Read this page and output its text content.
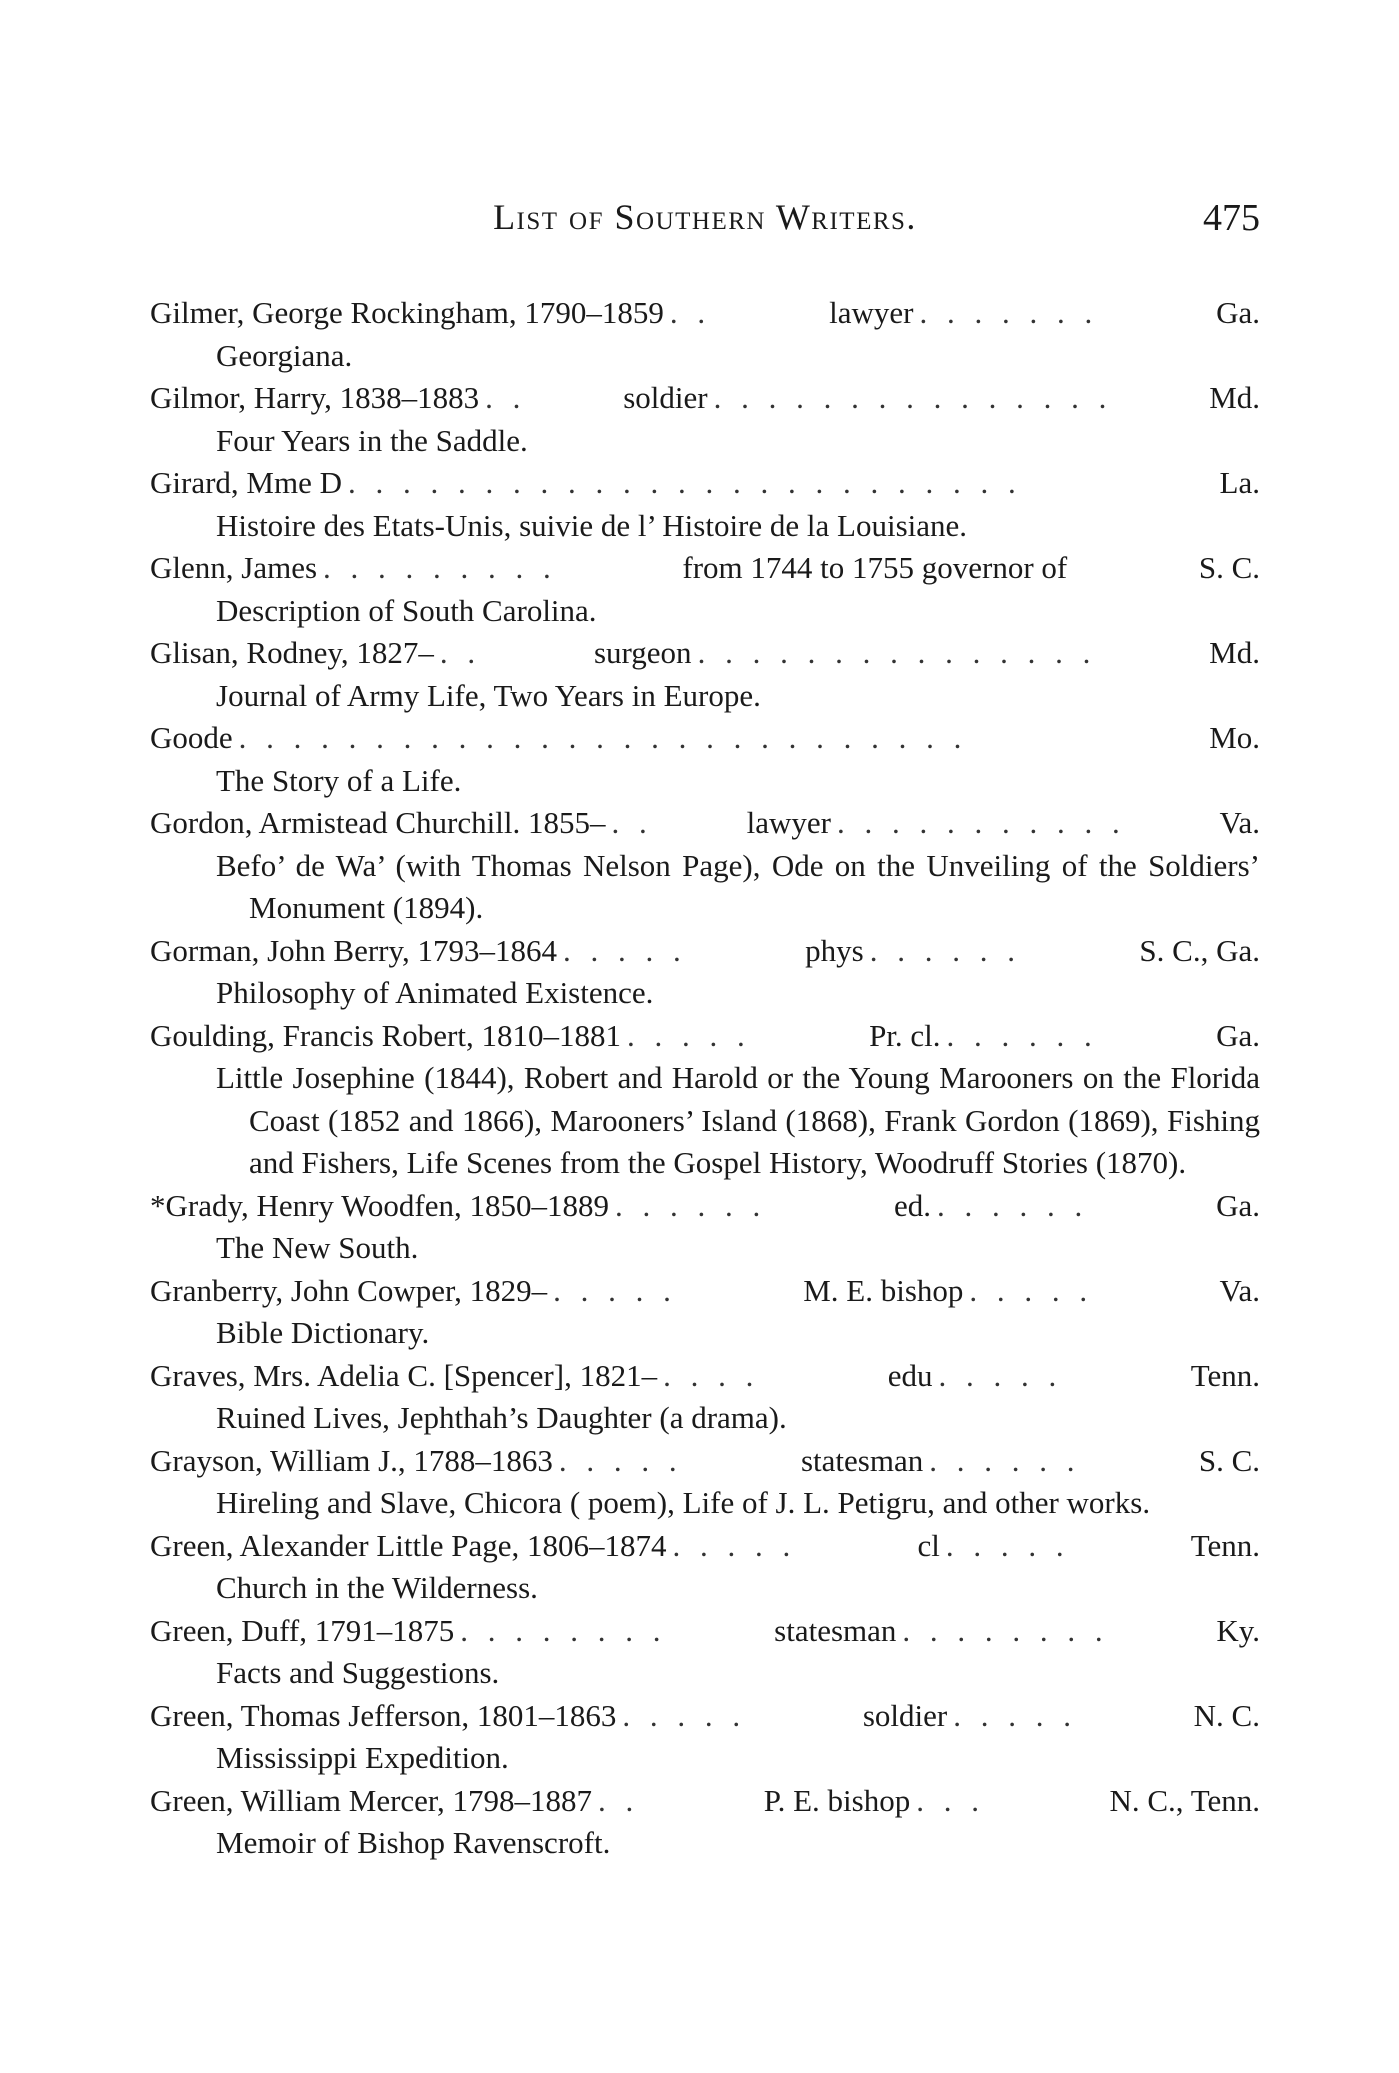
List of Southern Writers.	475
Gilmer, George Rockingham, 1790–1859 . .	lawyer . . . . . . .	Ga.
Georgiana.
Gilmor, Harry, 1838–1883 . .	soldier . . . . . . . . . . . . . . .	Md.
Four Years in the Saddle.
Girard, Mme D . . . . . . . . . . . . . . . . . . . . . . . . .	La.
Histoire des Etats-Unis, suivie de l’ Histoire de la Louisiane.
Glenn, James . . . . . . . . .	from 1744 to 1755 governor of	S. C.
Description of South Carolina.
Glisan, Rodney, 1827– . .	surgeon . . . . . . . . . . . . . . .	Md.
Journal of Army Life, Two Years in Europe.
Goode . . . . . . . . . . . . . . . . . . . . . . . . . . .	Mo.
The Story of a Life.
Gordon, Armistead Churchill. 1855– . .	lawyer . . . . . . . . . . .	Va.
Befo’ de Wa’ (with Thomas Nelson Page), Ode on the Unveiling of the Soldiers’ Monument (1894).
Gorman, John Berry, 1793–1864 . . . . .	phys . . . . . .	S. C., Ga.
Philosophy of Animated Existence.
Goulding, Francis Robert, 1810–1881 . . . . .	Pr. cl. . . . . . .	Ga.
Little Josephine (1844), Robert and Harold or the Young Marooners on the Florida Coast (1852 and 1866), Marooners’ Island (1868), Frank Gordon (1869), Fishing and Fishers, Life Scenes from the Gospel History, Woodruff Stories (1870).
*Grady, Henry Woodfen, 1850–1889 . . . . . .	ed. . . . . . .	Ga.
The New South.
Granberry, John Cowper, 1829– . . . . .	M. E. bishop . . . . .	Va.
Bible Dictionary.
Graves, Mrs. Adelia C. [Spencer], 1821– . . . .	edu . . . . .	Tenn.
Ruined Lives, Jephthah’s Daughter (a drama).
Grayson, William J., 1788–1863 . . . . .	statesman . . . . . .	S. C.
Hireling and Slave, Chicora ( poem), Life of J. L. Petigru, and other works.
Green, Alexander Little Page, 1806–1874 . . . . .	cl . . . . .	Tenn.
Church in the Wilderness.
Green, Duff, 1791–1875 . . . . . . . .	statesman . . . . . . . .	Ky.
Facts and Suggestions.
Green, Thomas Jefferson, 1801–1863 . . . . .	soldier . . . . .	N. C.
Mississippi Expedition.
Green, William Mercer, 1798–1887 . .	P. E. bishop . . .	N. C., Tenn.
Memoir of Bishop Ravenscroft.
